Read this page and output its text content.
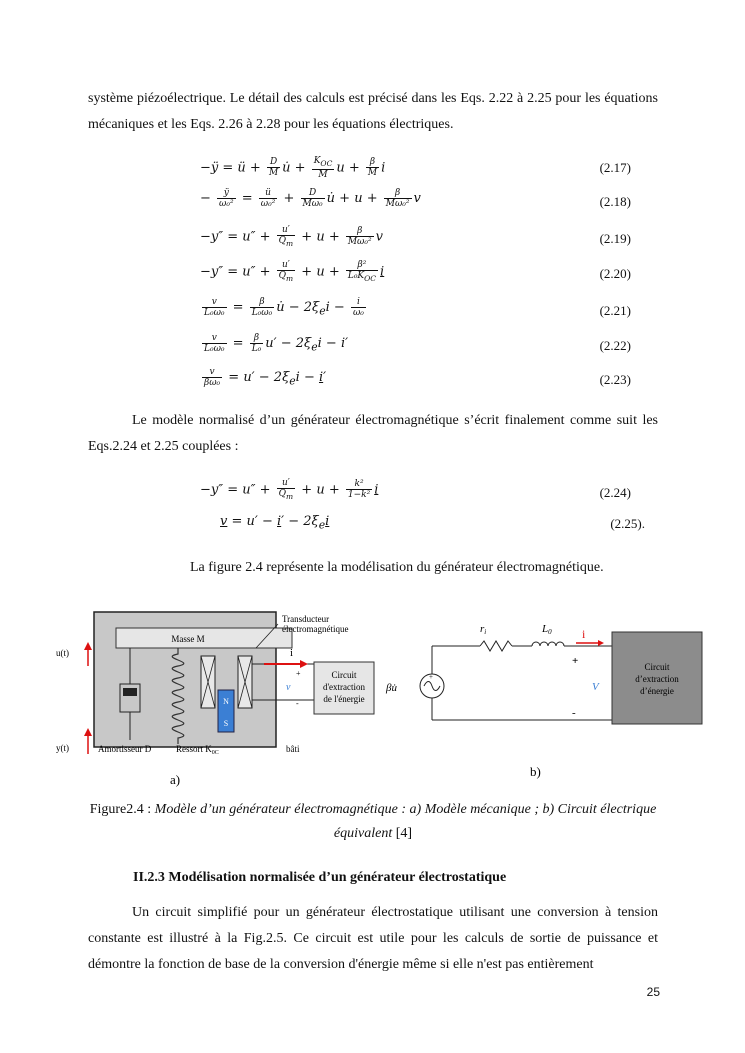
système piézoélectrique. Le détail des calculs est précisé dans les Eqs. 2.22 à 2.25 pour les équations mécaniques et les Eqs. 2.26 à 2.28 pour les équations électriques.
−ÿ = ü + $\frac{D}{M}$ u̇ + $\frac{K_{OC}}{M}$ $u + \frac{\beta}{M}$ i	(2.17)
− $\frac{ÿ}{\text{ω₀²}} = \frac{ü}{\text{ω₀²}} + \frac{D}{\text{Mω₀}}$ u̇ + $u + \frac{\beta}{\text{Mω₀²}}$ v	(2.18)
$-y'' = u'' + \frac{u'}{Q_m} + u + \frac{\beta}{\text{Mω₀²}}$ v	(2.19)
$-y'' = u'' + \frac{u'}{Q_m} + u + \frac{\text{β²}}{L_0K_{OC}}$ i	(2.20)
$\frac{v}{\text{L₀ω₀}} = \frac{\beta}{\text{L₀ω₀}}$ u̇ − $2\xi_ei - \frac{i}{\text{ω₀}}$	(2.21)
$\frac{v}{\text{L₀ω₀}} = \frac{\beta}{\text{L₀}} u' - 2\xi_ei - i'$	(2.22)
$\frac{v}{\text{βω₀}} = u' - 2\xi_ei - i'$	(2.23)
Le modèle normalisé d’un générateur électromagnétique s’écrit finalement comme suit les Eqs.2.24 et 2.25 couplées :
$-y'' = u'' + \frac{u'}{Q_m} + u + \frac{\text{k²}}{\text{1−k²}}$ i	(2.24)
$v = u' - i' - 2\xi_ei$	(2.25).
La figure 2.4 représente la modélisation du générateur électromagnétique.
Masse M
Transducteur
électromagnétique
u(t)
y(t)
N
S
i
+
v
-
Circuit
d'extraction
de l'énergie
Amortisseur D	Ressort $K_{0C}$	bâti
a)
+
βu̇
ri	L0	i
+
V
-
Circuit
d’extraction
d’énergie
b)
Figure2.4 : Modèle d’un générateur électromagnétique : a) Modèle mécanique ; b) Circuit électrique équivalent [4]
II.2.3 Modélisation normalisée d’un générateur électrostatique
Un circuit simplifié pour un générateur électrostatique utilisant une conversion à tension constante est illustré à la Fig.2.5. Ce circuit est utile pour les calculs de sortie de puissance et démontre la fonction de base de la conversion d'énergie même si elle n'est pas entièrement
25
